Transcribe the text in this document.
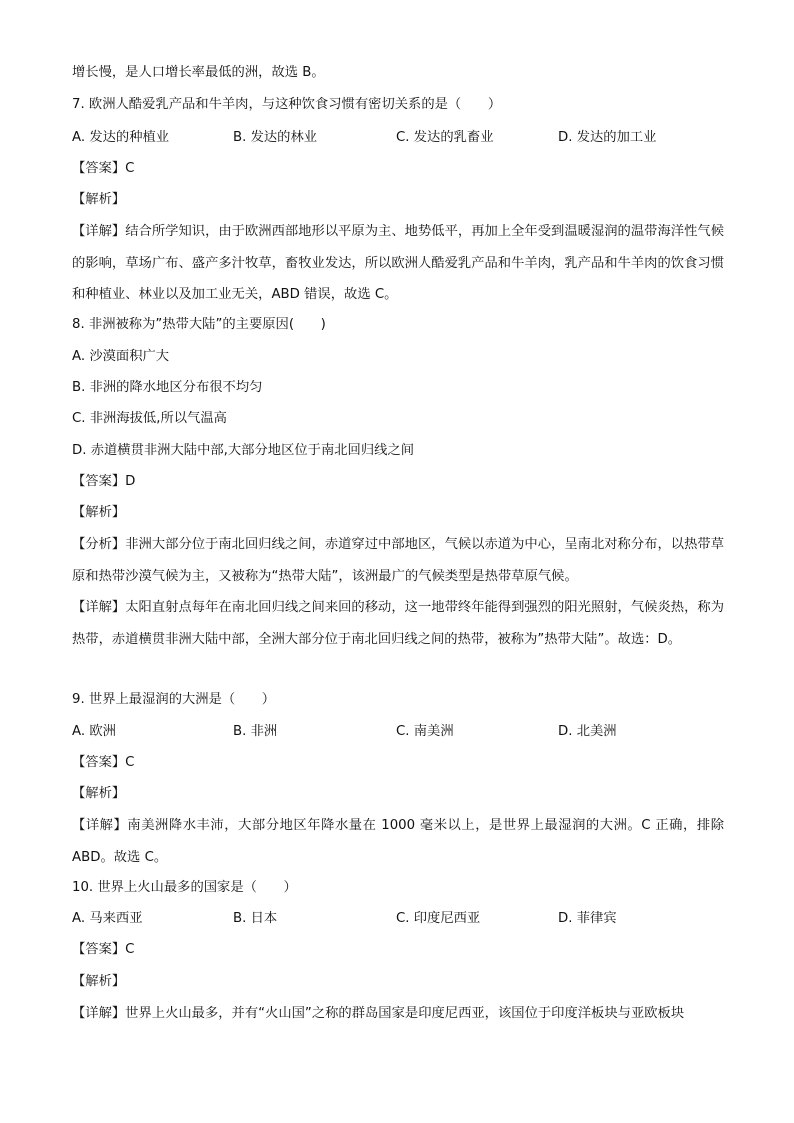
增长慢，是人口增长率最低的洲，故选 B。
7. 欧洲人酷爱乳产品和牛羊肉，与这种饮食习惯有密切关系的是（　　）
A. 发达的种植业	B. 发达的林业	C. 发达的乳畜业	D. 发达的加工业
【答案】C
【解析】
【详解】结合所学知识，由于欧洲西部地形以平原为主、地势低平，再加上全年受到温暖湿润的温带海洋性气候的影响，草场广布、盛产多汁牧草，畜牧业发达，所以欧洲人酷爱乳产品和牛羊肉，乳产品和牛羊肉的饮食习惯和种植业、林业以及加工业无关，ABD 错误，故选 C。
8. 非洲被称为”热带大陆”的主要原因(　　)
A. 沙漠面积广大
B. 非洲的降水地区分布很不均匀
C. 非洲海拔低,所以气温高
D. 赤道横贯非洲大陆中部,大部分地区位于南北回归线之间
【答案】D
【解析】
【分析】非洲大部分位于南北回归线之间，赤道穿过中部地区，气候以赤道为中心，呈南北对称分布，以热带草原和热带沙漠气候为主，又被称为“热带大陆”，该洲最广的气候类型是热带草原气候。
【详解】太阳直射点每年在南北回归线之间来回的移动，这一地带终年能得到强烈的阳光照射，气候炎热，称为热带，赤道横贯非洲大陆中部，全洲大部分位于南北回归线之间的热带，被称为”热带大陆”。故选：D。
9. 世界上最湿润的大洲是（　　）
A. 欧洲	B. 非洲	C. 南美洲	D. 北美洲
【答案】C
【解析】
【详解】南美洲降水丰沛，大部分地区年降水量在 1000 毫米以上，是世界上最湿润的大洲。C 正确，排除 ABD。故选 C。
10. 世界上火山最多的国家是（　　）
A. 马来西亚	B. 日本	C. 印度尼西亚	D. 菲律宾
【答案】C
【解析】
【详解】世界上火山最多，并有“火山国”之称的群岛国家是印度尼西亚，该国位于印度洋板块与亚欧板块
